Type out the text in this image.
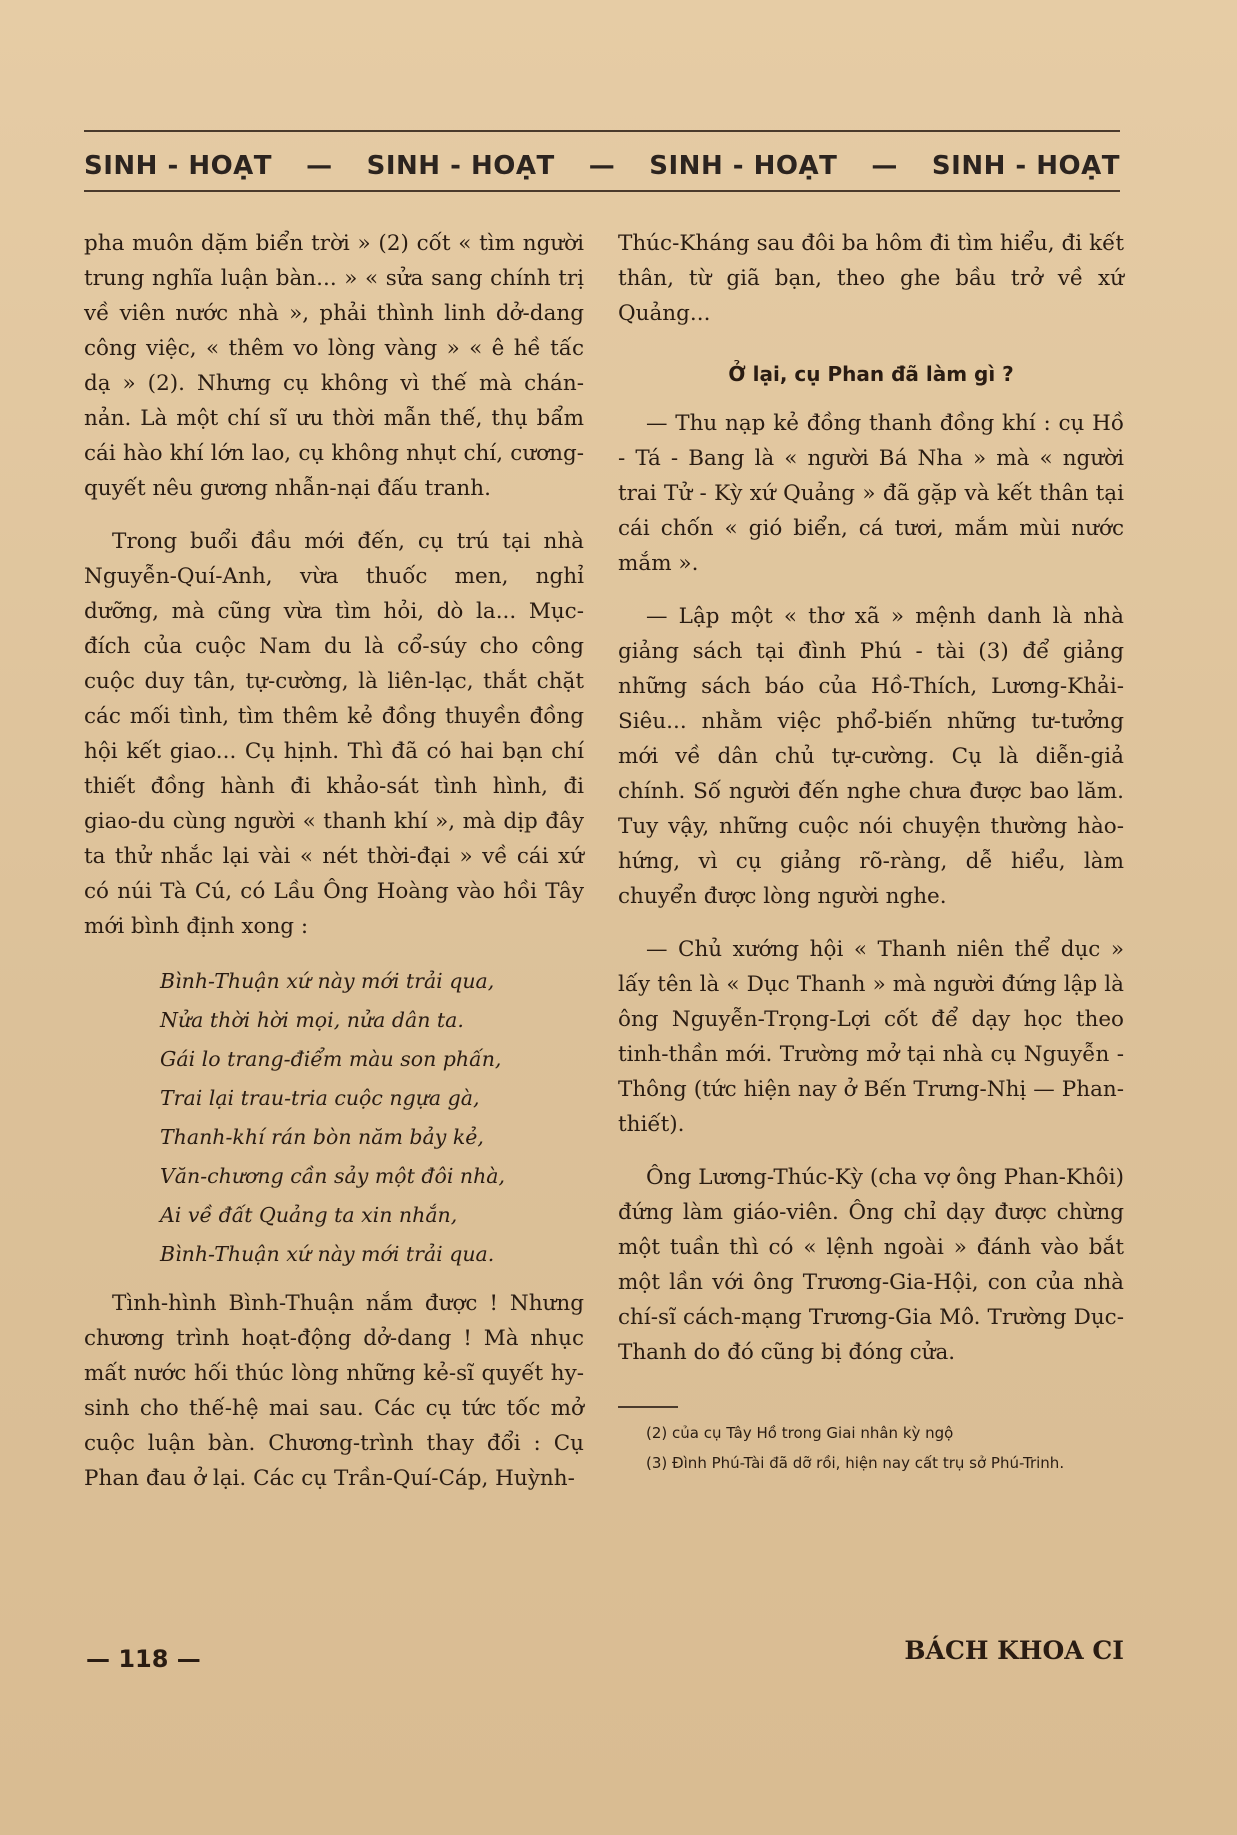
SINH - HOẠT — SINH - HOẠT — SINH - HOẠT — SINH - HOẠT

pha muôn dặm biển trời » (2) cốt « tìm người trung nghĩa luận bàn... » « sửa sang chính trị về viên nước nhà », phải thình linh dở-dang công việc, « thêm vo lòng vàng » « ê hề tấc dạ » (2). Nhưng cụ không vì thế mà chán-nản. Là một chí sĩ ưu thời mẫn thế, thụ bẩm cái hào khí lớn lao, cụ không nhụt chí, cương-quyết nêu gương nhẫn-nại đấu tranh.

Trong buổi đầu mới đến, cụ trú tại nhà Nguyễn-Quí-Anh, vừa thuốc men, nghỉ dưỡng, mà cũng vừa tìm hỏi, dò la... Mục-đích của cuộc Nam du là cổ-súy cho công cuộc duy tân, tự-cường, là liên-lạc, thắt chặt các mối tình, tìm thêm kẻ đồng thuyền đồng hội kết giao... Cụ hịnh. Thì đã có hai bạn chí thiết đồng hành đi khảo-sát tình hình, đi giao-du cùng người « thanh khí », mà dịp đây ta thử nhắc lại vài « nét thời-đại » về cái xứ có núi Tà Cú, có Lầu Ông Hoàng vào hồi Tây mới bình định xong :

Bình-Thuận xứ này mới trải qua,
Nửa thời hời mọi, nửa dân ta.
Gái lo trang-điểm màu son phấn,
Trai lại trau-tria cuộc ngựa gà,
Thanh-khí rán bòn năm bảy kẻ,
Văn-chương cần sảy một đôi nhà,
Ai về đất Quảng ta xin nhắn,
Bình-Thuận xứ này mới trải qua.

Tình-hình Bình-Thuận nắm được ! Nhưng chương trình hoạt-động dở-dang ! Mà nhục mất nước hối thúc lòng những kẻ-sĩ quyết hy-sinh cho thế-hệ mai sau. Các cụ tức tốc mở cuộc luận bàn. Chương-trình thay đổi : Cụ Phan đau ở lại. Các cụ Trần-Quí-Cáp, Huỳnh-

Thúc-Kháng sau đôi ba hôm đi tìm hiểu, đi kết thân, từ giã bạn, theo ghe bầu trở về xứ Quảng...

Ở lại, cụ Phan đã làm gì ?

— Thu nạp kẻ đồng thanh đồng khí : cụ Hồ - Tá - Bang là « người Bá Nha » mà « người trai Tử - Kỳ xứ Quảng » đã gặp và kết thân tại cái chốn « gió biển, cá tươi, mắm mùi nước mắm ».

— Lập một « thơ xã » mệnh danh là nhà giảng sách tại đình Phú - tài (3) để giảng những sách báo của Hồ-Thích, Lương-Khải-Siêu... nhằm việc phổ-biến những tư-tưởng mới về dân chủ tự-cường. Cụ là diễn-giả chính. Số người đến nghe chưa được bao lăm. Tuy vậy, những cuộc nói chuyện thường hào-hứng, vì cụ giảng rõ-ràng, dễ hiểu, làm chuyển được lòng người nghe.

— Chủ xướng hội « Thanh niên thể dục » lấy tên là « Dục Thanh » mà người đứng lập là ông Nguyễn-Trọng-Lợi cốt để dạy học theo tinh-thần mới. Trường mở tại nhà cụ Nguyễn - Thông (tức hiện nay ở Bến Trưng-Nhị — Phan-thiết).

Ông Lương-Thúc-Kỳ (cha vợ ông Phan-Khôi) đứng làm giáo-viên. Ông chỉ dạy được chừng một tuần thì có « lệnh ngoài » đánh vào bắt một lần với ông Trương-Gia-Hội, con của nhà chí-sĩ cách-mạng Trương-Gia Mô. Trường Dục-Thanh do đó cũng bị đóng cửa.

(2) của cụ Tây Hồ trong Giai nhân kỳ ngộ

(3) Đình Phú-Tài đã dỡ rồi, hiện nay cất trụ sở Phú-Trinh.

— 118 —	BÁCH KHOA CI
